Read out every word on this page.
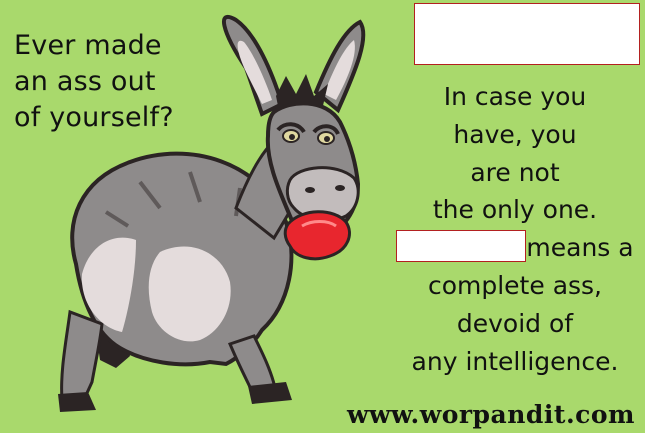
Ever made
an ass out
of yourself?
In case you
have, you
are not
the only one.
means a
complete ass,
devoid of
any intelligence.
www.worpandit.com
